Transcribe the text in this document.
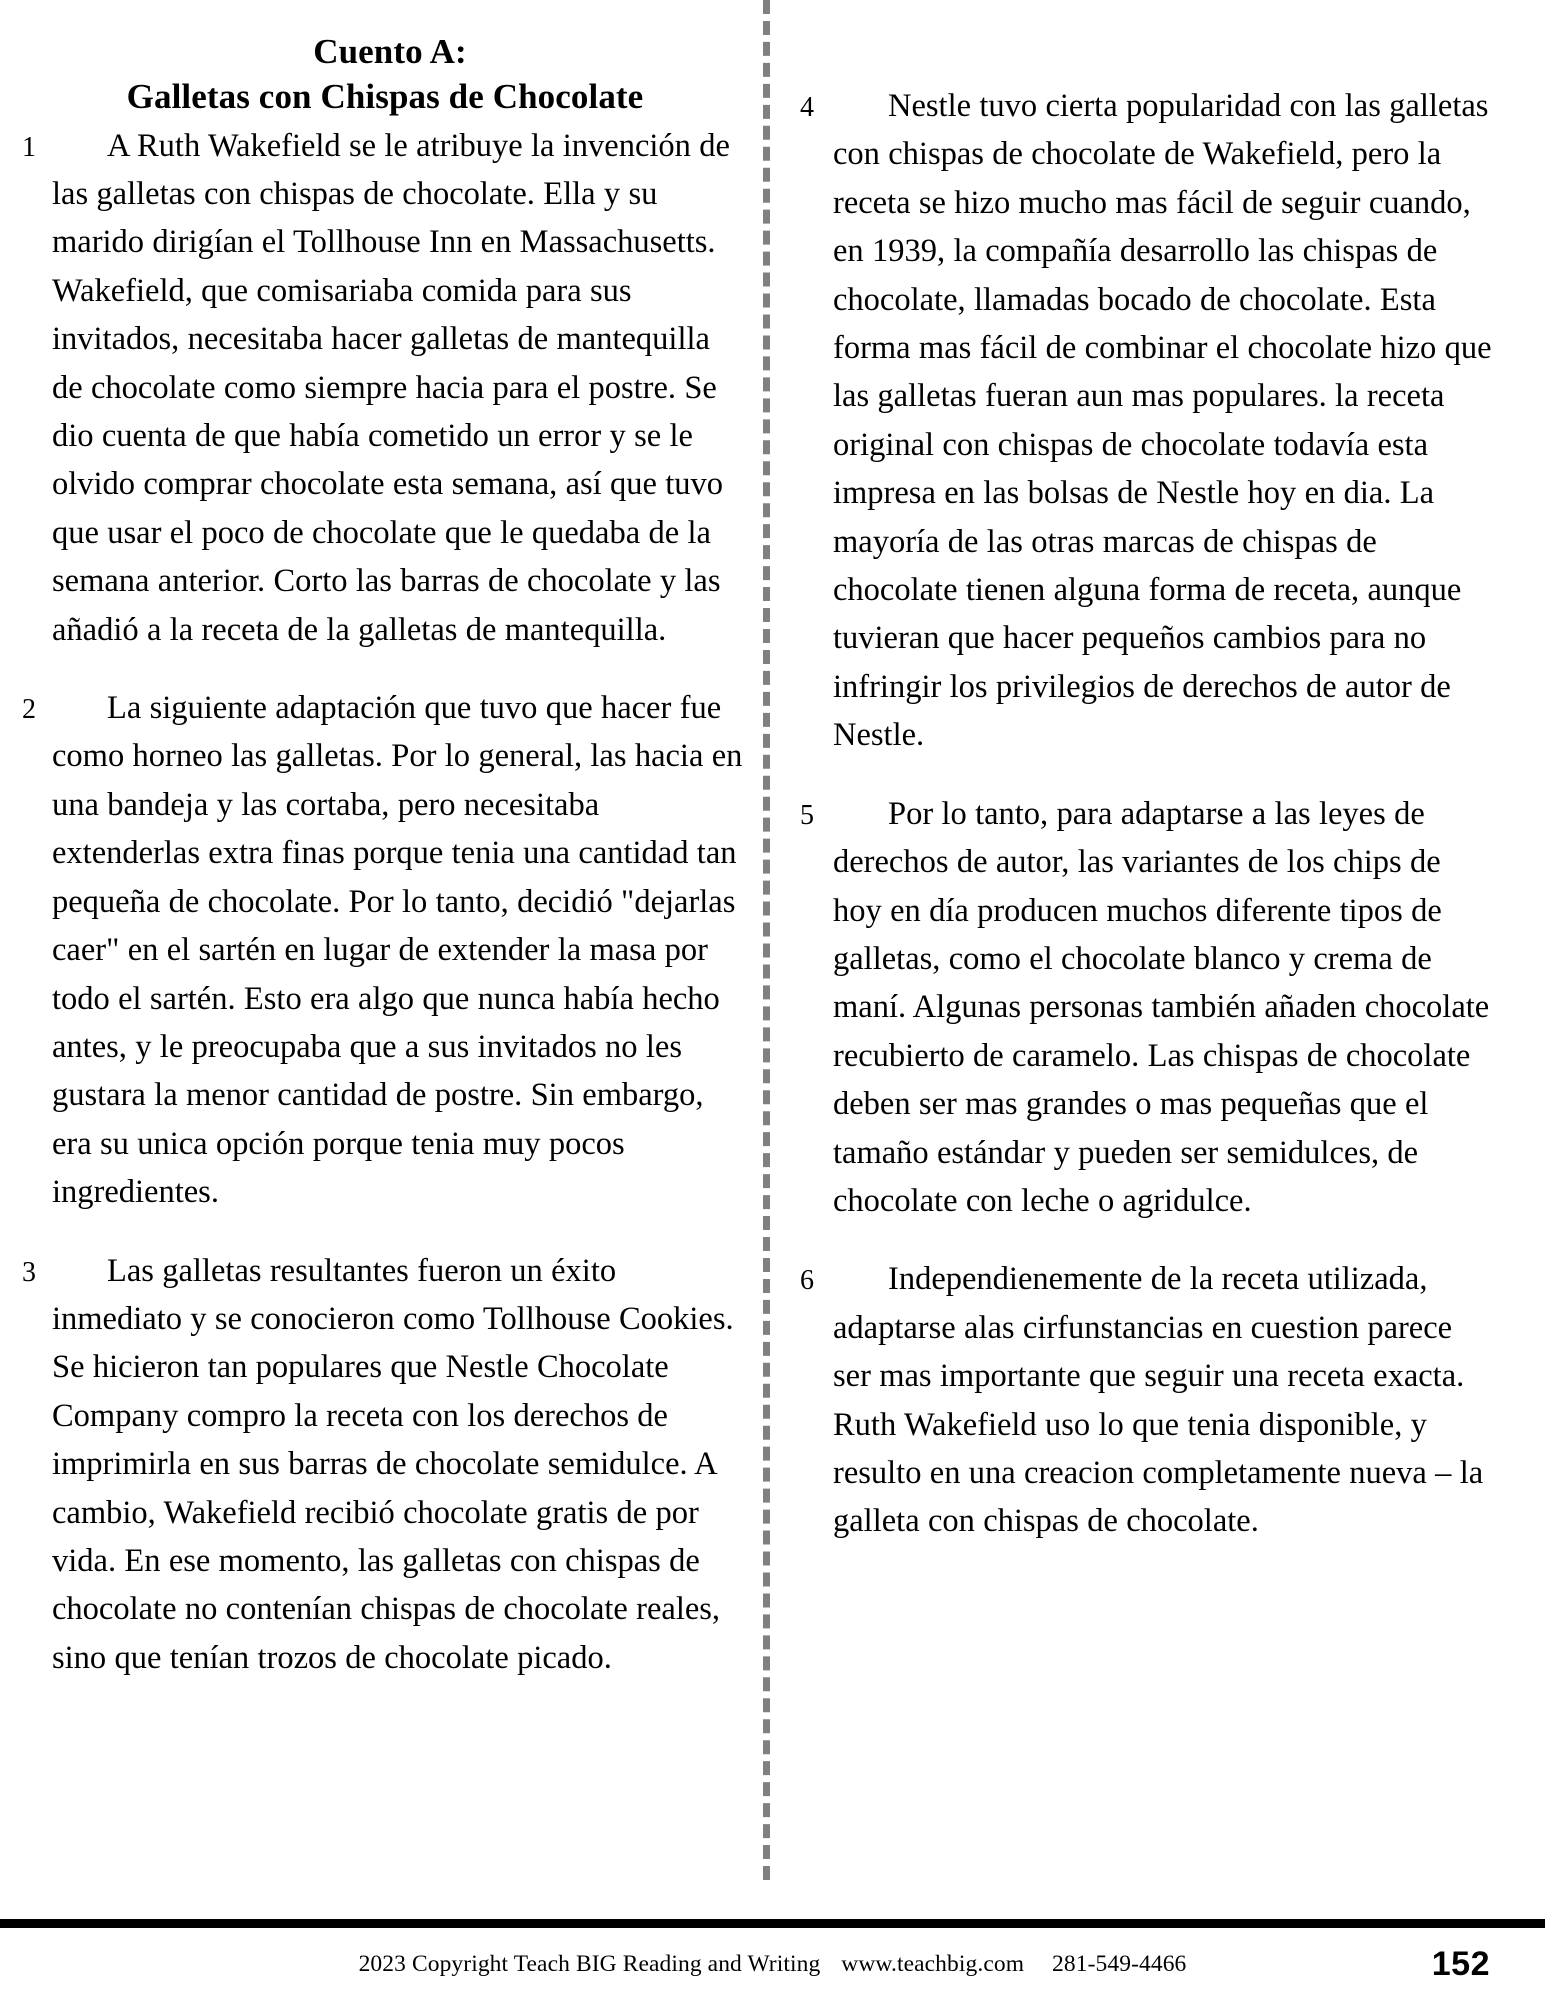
Cuento A:
Galletas con Chispas de Chocolate
1	A Ruth Wakefield se le atribuye la invención de las galletas con chispas de chocolate. Ella y su marido dirigían el Tollhouse Inn en Massachusetts. Wakefield, que comisariaba comida para sus invitados, necesitaba hacer galletas de mantequilla de chocolate como siempre hacia para el postre. Se dio cuenta de que había cometido un error y se le olvido comprar chocolate esta semana, así que tuvo que usar el poco de chocolate que le quedaba de la semana anterior. Corto las barras de chocolate y las añadió a la receta de la galletas de mantequilla.
2	La siguiente adaptación que tuvo que hacer fue como horneo las galletas. Por lo general, las hacia en una bandeja y las cortaba, pero necesitaba extenderlas extra finas porque tenia una cantidad tan pequeña de chocolate. Por lo tanto, decidió "dejarlas caer" en el sartén en lugar de extender la masa por todo el sartén. Esto era algo que nunca había hecho antes, y le preocupaba que a sus invitados no les gustara la menor cantidad de postre. Sin embargo, era su unica opción porque tenia muy pocos ingredientes.
3	Las galletas resultantes fueron un éxito inmediato y se conocieron como Tollhouse Cookies. Se hicieron tan populares que Nestle Chocolate Company compro la receta con los derechos de imprimirla en sus barras de chocolate semidulce. A cambio, Wakefield recibió chocolate gratis de por vida. En ese momento, las galletas con chispas de chocolate no contenían chispas de chocolate reales, sino que tenían trozos de chocolate picado.
4	Nestle tuvo cierta popularidad con las galletas con chispas de chocolate de Wakefield, pero la receta se hizo mucho mas fácil de seguir cuando, en 1939, la compañía desarrollo las chispas de chocolate, llamadas bocado de chocolate. Esta forma mas fácil de combinar el chocolate hizo que las galletas fueran aun mas populares. la receta original con chispas de chocolate todavía esta impresa en las bolsas de Nestle hoy en dia. La mayoría de las otras marcas de chispas de chocolate tienen alguna forma de receta, aunque tuvieran que hacer pequeños cambios para no infringir los privilegios de derechos de autor de Nestle.
5	Por lo tanto, para adaptarse a las leyes de derechos de autor, las variantes de los chips de hoy en día producen muchos diferente tipos de galletas, como el chocolate blanco y crema de maní. Algunas personas también añaden chocolate recubierto de caramelo. Las chispas de chocolate deben ser mas grandes o mas pequeñas que el tamaño estándar y pueden ser semidulces, de chocolate con leche o agridulce.
6	Independienemente de la receta utilizada, adaptarse alas cirfunstancias en cuestion parece ser mas importante que seguir una receta exacta. Ruth Wakefield uso lo que tenia disponible, y resulto en una creacion completamente nueva – la galleta con chispas de chocolate.
2023 Copyright Teach BIG Reading and Writing www.teachbig.com 281-549-4466	152
